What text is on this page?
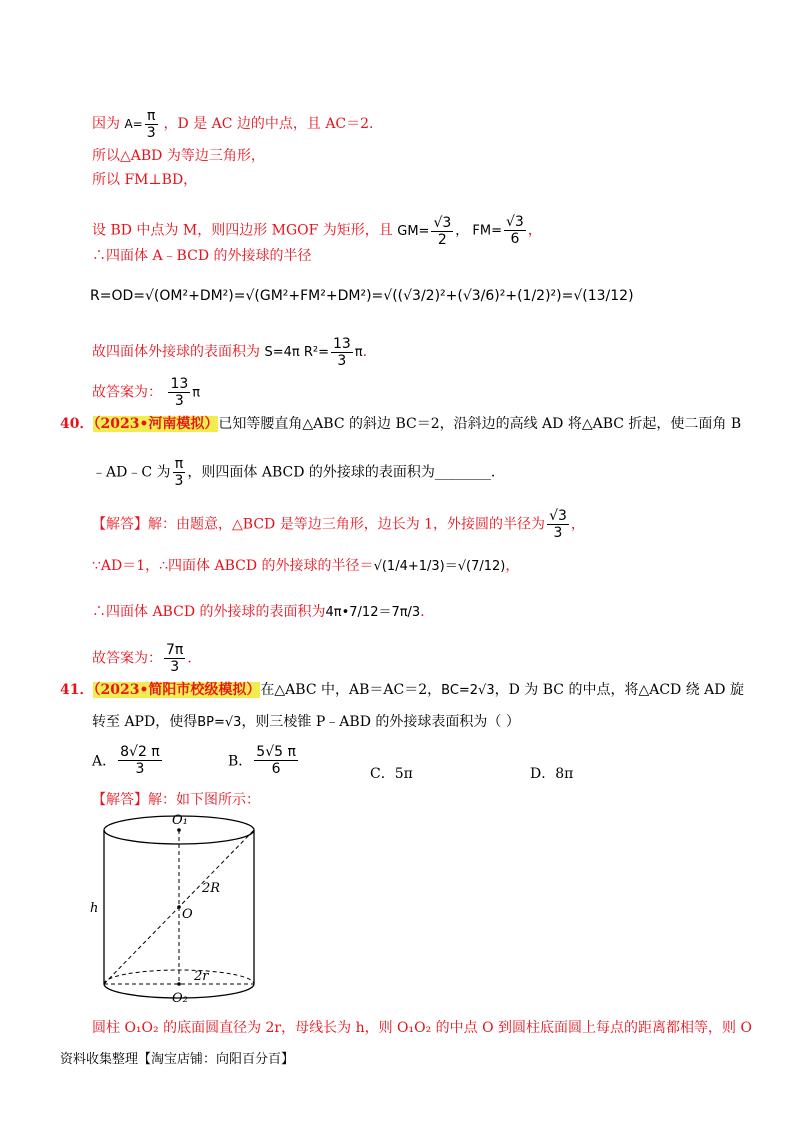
因为 $A= \frac{\pi}{3}$ ，D 是 AC 边的中点，且 AC＝2．
所以△ABD 为等边三角形，
所以 FM⊥BD，
设 BD 中点为 M，则四边形 MGOF 为矩形，且 $GM= \frac{√3}{2}$ ， $FM= \frac{√3}{6}$ ，
∴四面体 A﹣BCD 的外接球的半径
R=OD=√(OM²+DM²)=√(GM²+FM²+DM²)=√((√3/2)²+(√3/6)²+(1/2)²)=√(13/12)
故四面体外接球的表面积为 S=4π $R^2= \frac{13}{3} \pi$.
故答案为： $\frac{13}{3}$ π
40．（2023•河南模拟）已知等腰直角△ABC 的斜边 BC＝2，沿斜边的高线 AD 将△ABC 折起，使二面角 B
﹣AD﹣C 为 $\frac{\pi}{3}$ ，则四面体 ABCD 的外接球的表面积为________．
【解答】解：由题意，△BCD 是等边三角形，边长为 1，外接圆的半径为 $\frac{√3}{3}$ ，
∵AD＝1，∴四面体 ABCD 的外接球的半径＝√(1/4+1/3)＝√(7/12)，
∴四面体 ABCD 的外接球的表面积为4π•7/12＝7π/3．
故答案为： $\frac{7\pi}{3}$ ．
41．（2023•简阳市校级模拟）在△ABC 中，AB＝AC＝2，BC=2√3，D 为 BC 的中点，将△ACD 绕 AD 旋
转至 APD，使得BP=√3，则三棱锥 P﹣ABD 的外接球表面积为（ ）
A． $\frac{8√2 \pi}{3}$	B． $\frac{5√5 \pi}{6}$	C．5π	D．8π
【解答】解：如下图所示：
O₁
O
O₂
2R
2r
h
圆柱 O₁O₂ 的底面圆直径为 2r，母线长为 h，则 O₁O₂ 的中点 O 到圆柱底面圆上每点的距离都相等，则 O
资料收集整理【淘宝店铺：向阳百分百】
